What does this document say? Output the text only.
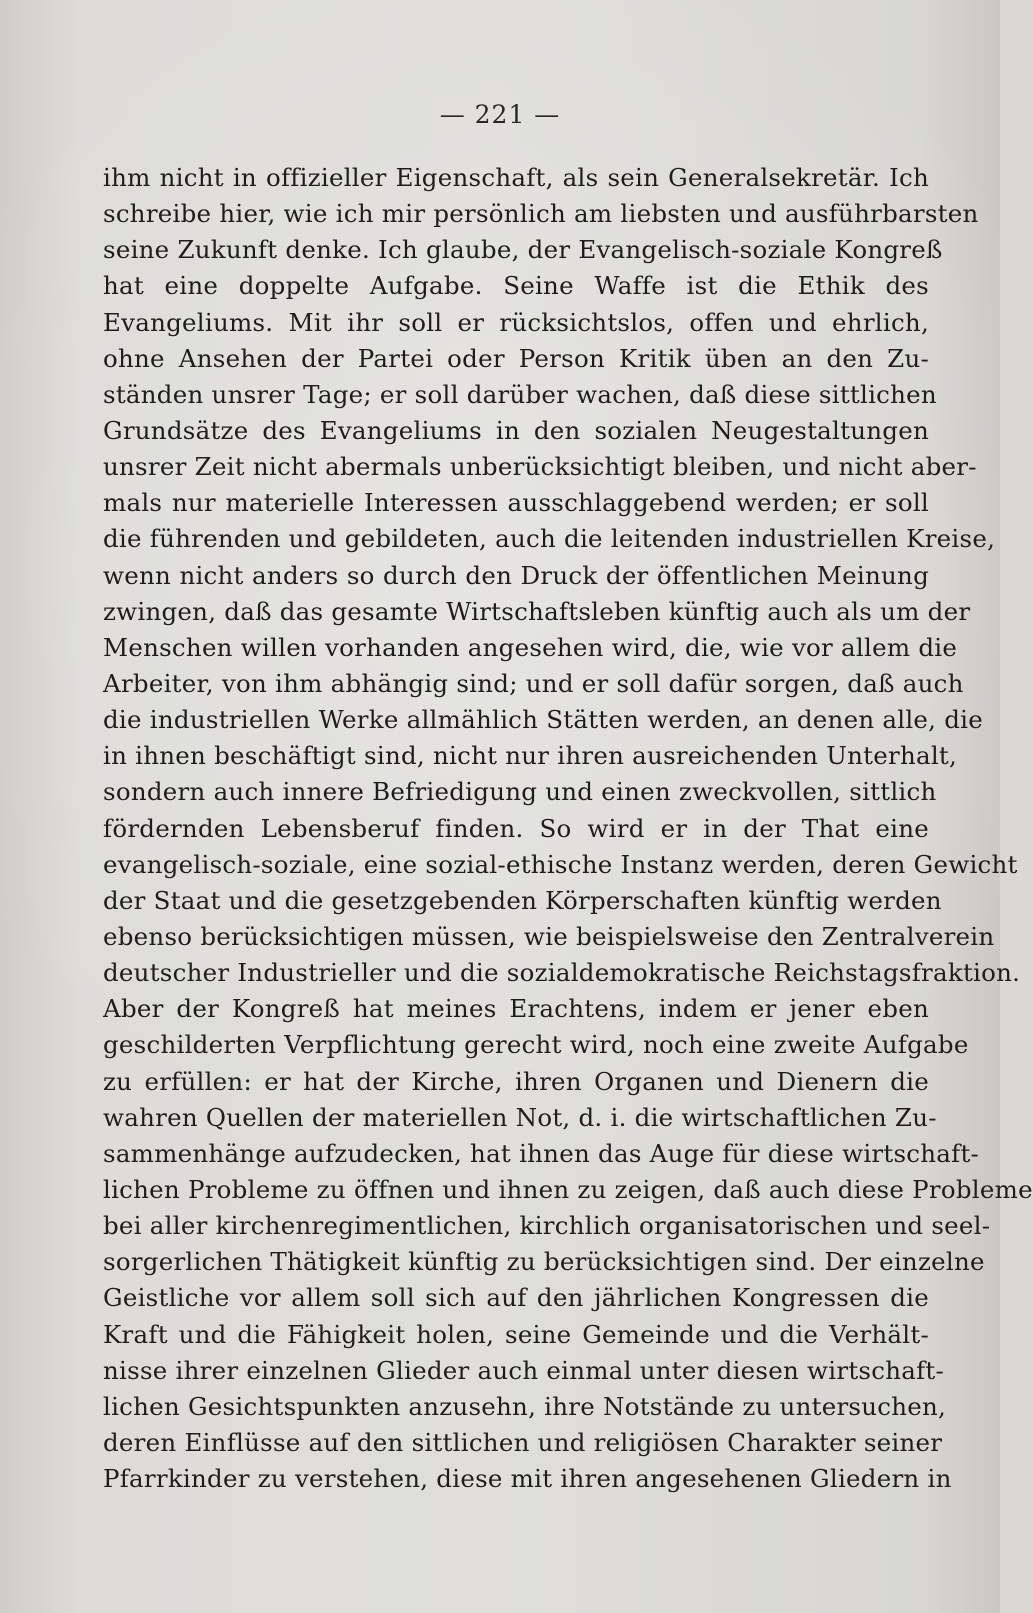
— 221 —
ihm nicht in offizieller Eigenschaft, als sein Generalsekretär. Ich
schreibe hier, wie ich mir persönlich am liebsten und ausführbarsten
seine Zukunft denke. Ich glaube, der Evangelisch-soziale Kongreß
hat eine doppelte Aufgabe. Seine Waffe ist die Ethik des
Evangeliums. Mit ihr soll er rücksichtslos, offen und ehrlich,
ohne Ansehen der Partei oder Person Kritik üben an den Zu-
ständen unsrer Tage; er soll darüber wachen, daß diese sittlichen
Grundsätze des Evangeliums in den sozialen Neugestaltungen
unsrer Zeit nicht abermals unberücksichtigt bleiben, und nicht aber-
mals nur materielle Interessen ausschlaggebend werden; er soll
die führenden und gebildeten, auch die leitenden industriellen Kreise,
wenn nicht anders so durch den Druck der öffentlichen Meinung
zwingen, daß das gesamte Wirtschaftsleben künftig auch als um der
Menschen willen vorhanden angesehen wird, die, wie vor allem die
Arbeiter, von ihm abhängig sind; und er soll dafür sorgen, daß auch
die industriellen Werke allmählich Stätten werden, an denen alle, die
in ihnen beschäftigt sind, nicht nur ihren ausreichenden Unterhalt,
sondern auch innere Befriedigung und einen zweckvollen, sittlich
fördernden Lebensberuf finden. So wird er in der That eine
evangelisch-soziale, eine sozial-ethische Instanz werden, deren Gewicht
der Staat und die gesetzgebenden Körperschaften künftig werden
ebenso berücksichtigen müssen, wie beispielsweise den Zentralverein
deutscher Industrieller und die sozialdemokratische Reichstagsfraktion.
Aber der Kongreß hat meines Erachtens, indem er jener eben
geschilderten Verpflichtung gerecht wird, noch eine zweite Aufgabe
zu erfüllen: er hat der Kirche, ihren Organen und Dienern die
wahren Quellen der materiellen Not, d. i. die wirtschaftlichen Zu-
sammenhänge aufzudecken, hat ihnen das Auge für diese wirtschaft-
lichen Probleme zu öffnen und ihnen zu zeigen, daß auch diese Probleme
bei aller kirchenregimentlichen, kirchlich organisatorischen und seel-
sorgerlichen Thätigkeit künftig zu berücksichtigen sind. Der einzelne
Geistliche vor allem soll sich auf den jährlichen Kongressen die
Kraft und die Fähigkeit holen, seine Gemeinde und die Verhält-
nisse ihrer einzelnen Glieder auch einmal unter diesen wirtschaft-
lichen Gesichtspunkten anzusehn, ihre Notstände zu untersuchen,
deren Einflüsse auf den sittlichen und religiösen Charakter seiner
Pfarrkinder zu verstehen, diese mit ihren angesehenen Gliedern in
